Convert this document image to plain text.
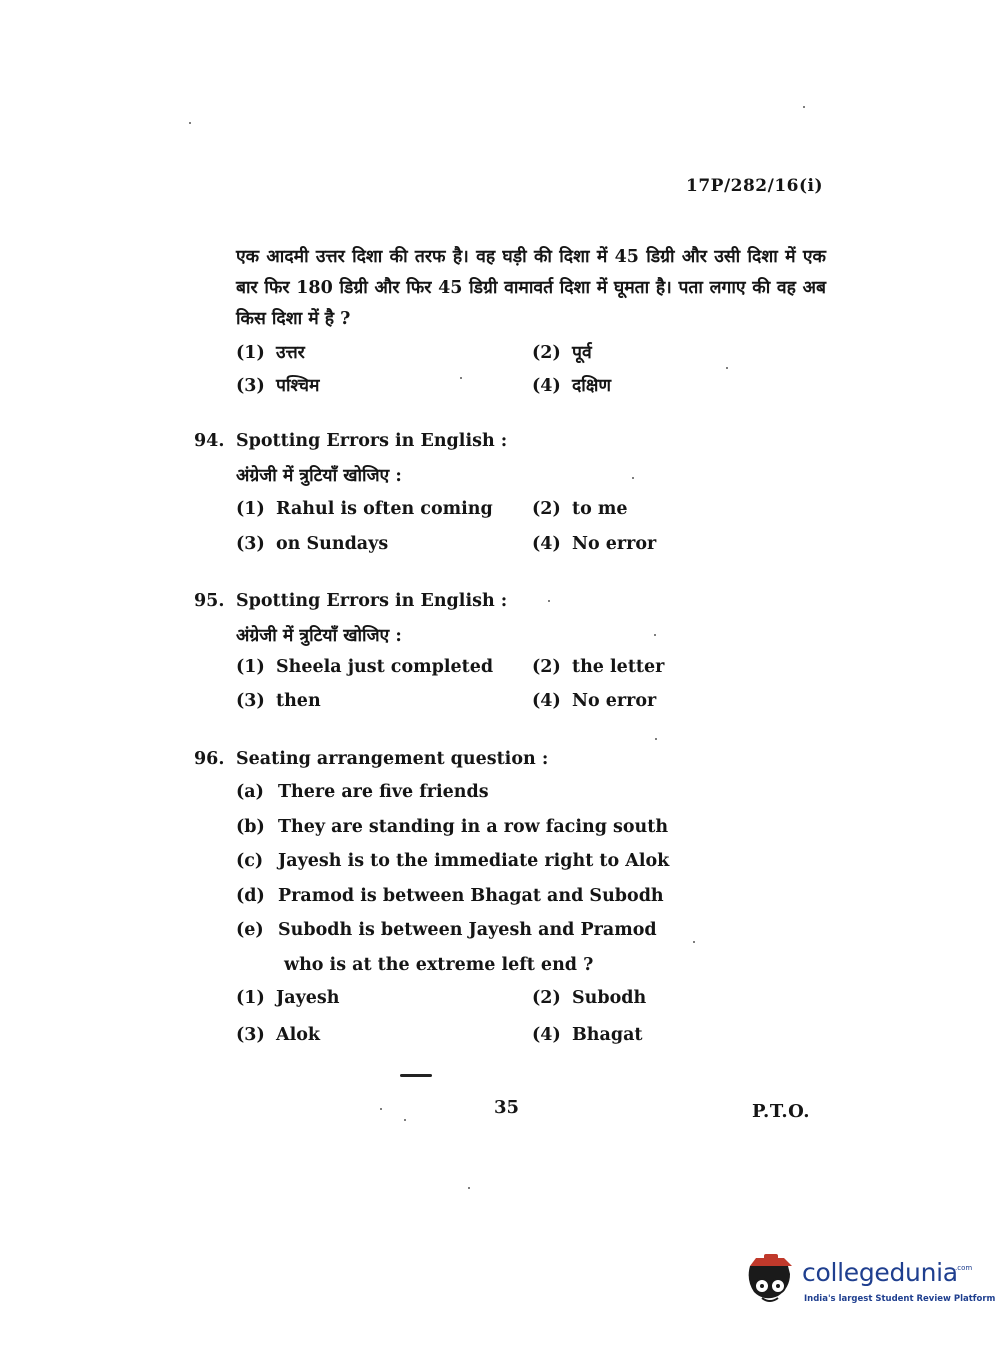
17P/282/16(i)
एक आदमी उत्तर दिशा की तरफ है। वह घड़ी की दिशा में 45 डिग्री और उसी दिशा में एक बार फिर 180 डिग्री और फिर 45 डिग्री वामावर्त दिशा में घूमता है। पता लगाए की वह अब किस दिशा में है ?
(1) उत्तर	(2) पूर्व
(3) पश्चिम	(4) दक्षिण
94. Spotting Errors in English :
अंग्रेजी में त्रुटियाँ खोजिए :
(1) Rahul is often coming (2) to me
(3) on Sundays	(4) No error
95. Spotting Errors in English :
अंग्रेजी में त्रुटियाँ खोजिए :
(1) Sheela just completed (2) the letter
(3) then	(4) No error
96. Seating arrangement question :
(a) There are five friends
(b) They are standing in a row facing south
(c) Jayesh is to the immediate right to Alok
(d) Pramod is between Bhagat and Subodh
(e) Subodh is between Jayesh and Pramod
who is at the extreme left end ?
(1) Jayesh	(2) Subodh
(3) Alok	(4) Bhagat
35	P.T.O.
collegedunia
.com
India's largest Student Review Platform
